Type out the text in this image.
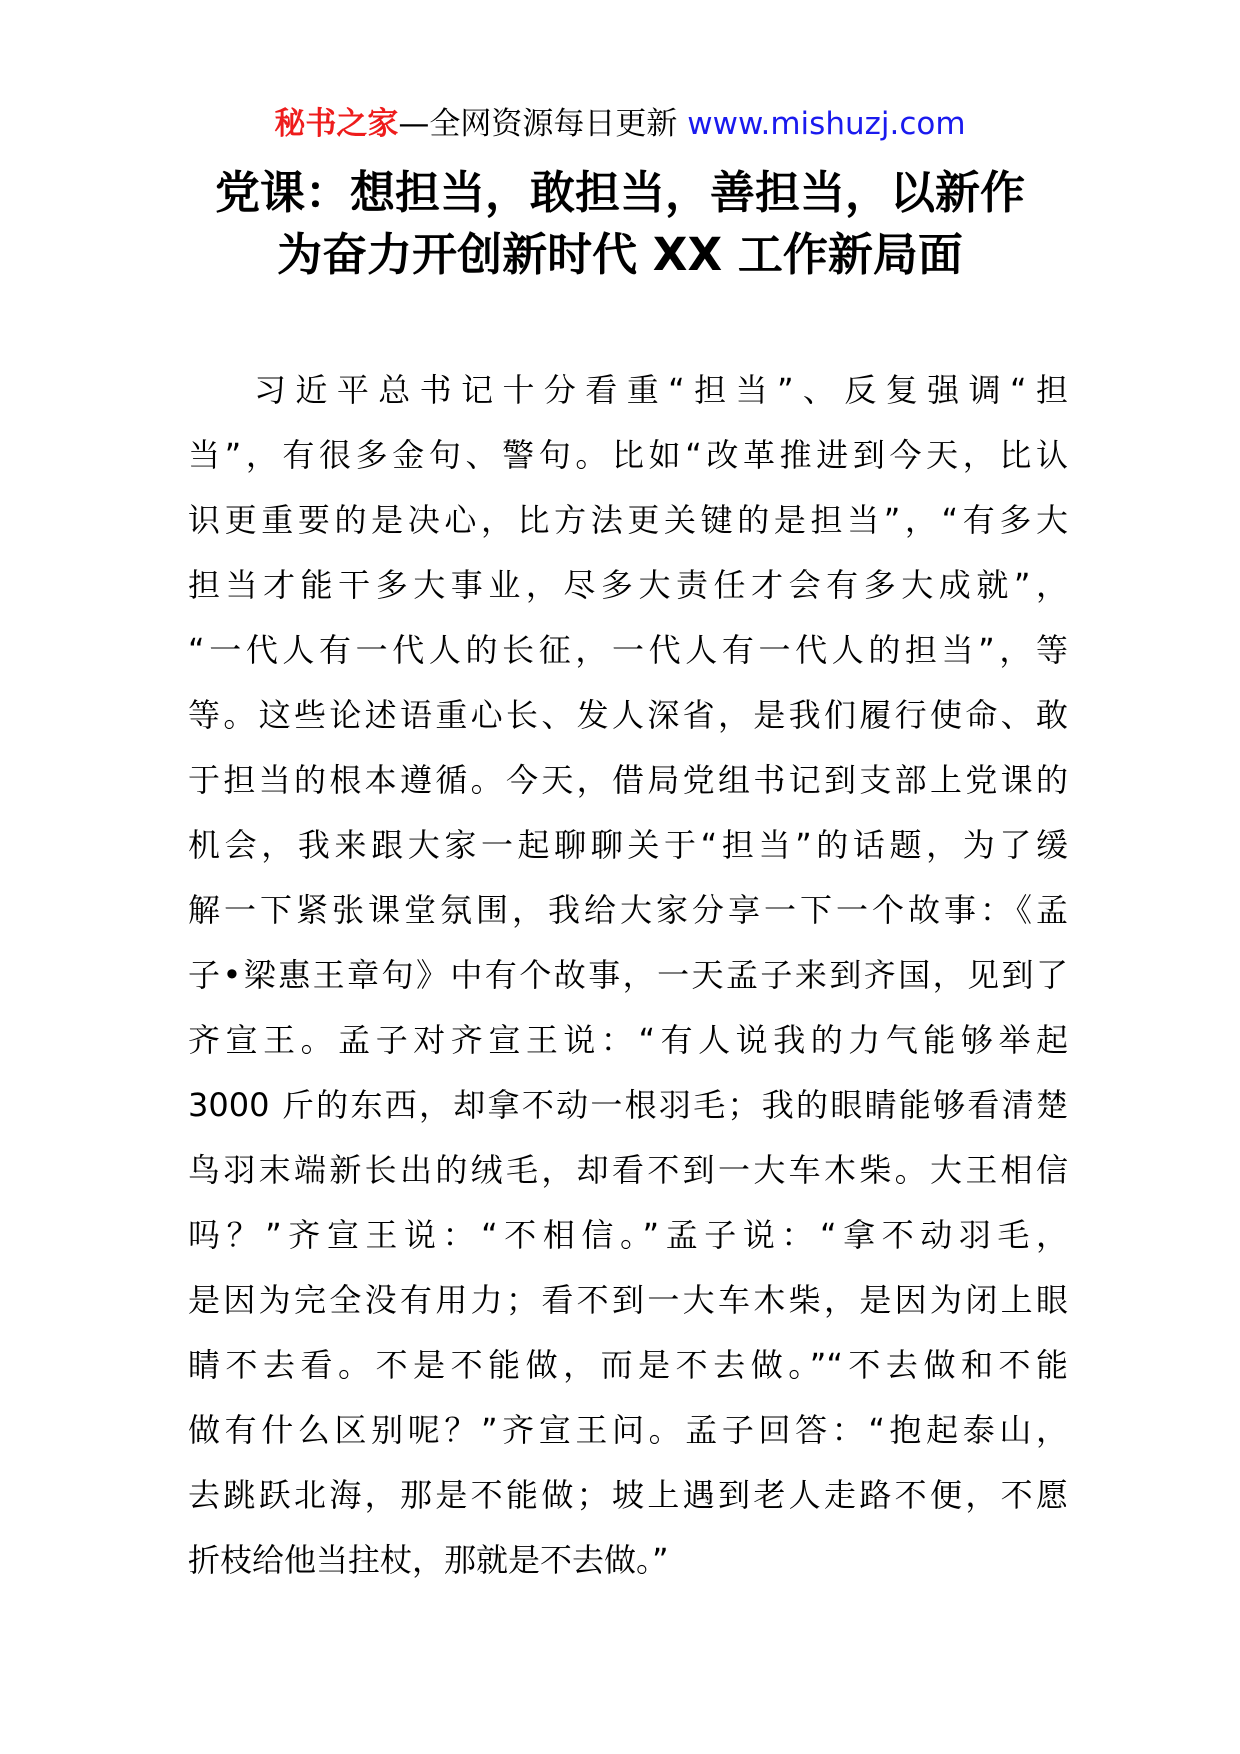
秘书之家—全网资源每日更新 www.mishuzj.com
党课：想担当，敢担当，善担当，以新作
为奋力开创新时代 XX 工作新局面
习近平总书记十分看重“担当”、反复强调“担
当”，有很多金句、警句。比如“改革推进到今天，比认
识更重要的是决心，比方法更关键的是担当”，“有多大
担当才能干多大事业，尽多大责任才会有多大成就”，
“一代人有一代人的长征，一代人有一代人的担当”，等
等。这些论述语重心长、发人深省，是我们履行使命、敢
于担当的根本遵循。今天，借局党组书记到支部上党课的
机会，我来跟大家一起聊聊关于“担当”的话题，为了缓
解一下紧张课堂氛围，我给大家分享一下一个故事：《孟
子•梁惠王章句》中有个故事，一天孟子来到齐国，见到了
齐宣王。孟子对齐宣王说：“有人说我的力气能够举起
3000 斤的东西，却拿不动一根羽毛；我的眼睛能够看清楚
鸟羽末端新长出的绒毛，却看不到一大车木柴。大王相信
吗？”齐宣王说：“不相信。”孟子说：“拿不动羽毛，
是因为完全没有用力；看不到一大车木柴，是因为闭上眼
睛不去看。不是不能做，而是不去做。”“不去做和不能
做有什么区别呢？”齐宣王问。孟子回答：“抱起泰山，
去跳跃北海，那是不能做；坡上遇到老人走路不便，不愿
折枝给他当拄杖，那就是不去做。”
